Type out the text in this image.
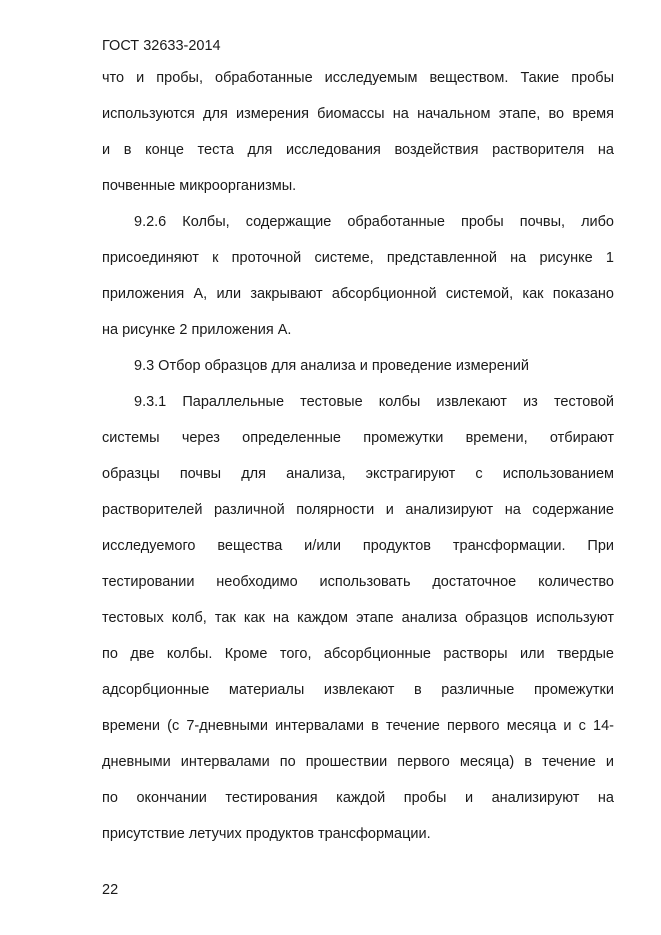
ГОСТ 32633-2014
что и пробы, обработанные исследуемым веществом. Такие пробы
используются для измерения биомассы на начальном этапе, во время
и в конце теста для исследования воздействия растворителя на
почвенные микроорганизмы.
9.2.6 Колбы, содержащие обработанные пробы почвы, либо
присоединяют к проточной системе, представленной на рисунке 1
приложения А, или закрывают абсорбционной системой, как показано
на рисунке 2 приложения А.
9.3 Отбор образцов для анализа и проведение измерений
9.3.1 Параллельные тестовые колбы извлекают из тестовой
системы через определенные промежутки времени, отбирают
образцы почвы для анализа, экстрагируют с использованием
растворителей различной полярности и анализируют на содержание
исследуемого вещества и/или продуктов трансформации. При
тестировании необходимо использовать достаточное количество
тестовых колб, так как на каждом этапе анализа образцов используют
по две колбы. Кроме того, абсорбционные растворы или твердые
адсорбционные материалы извлекают в различные промежутки
времени (с 7-дневными интервалами в течение первого месяца и с 14-
дневными интервалами по прошествии первого месяца) в течение и
по окончании тестирования каждой пробы и анализируют на
присутствие летучих продуктов трансформации.
22
